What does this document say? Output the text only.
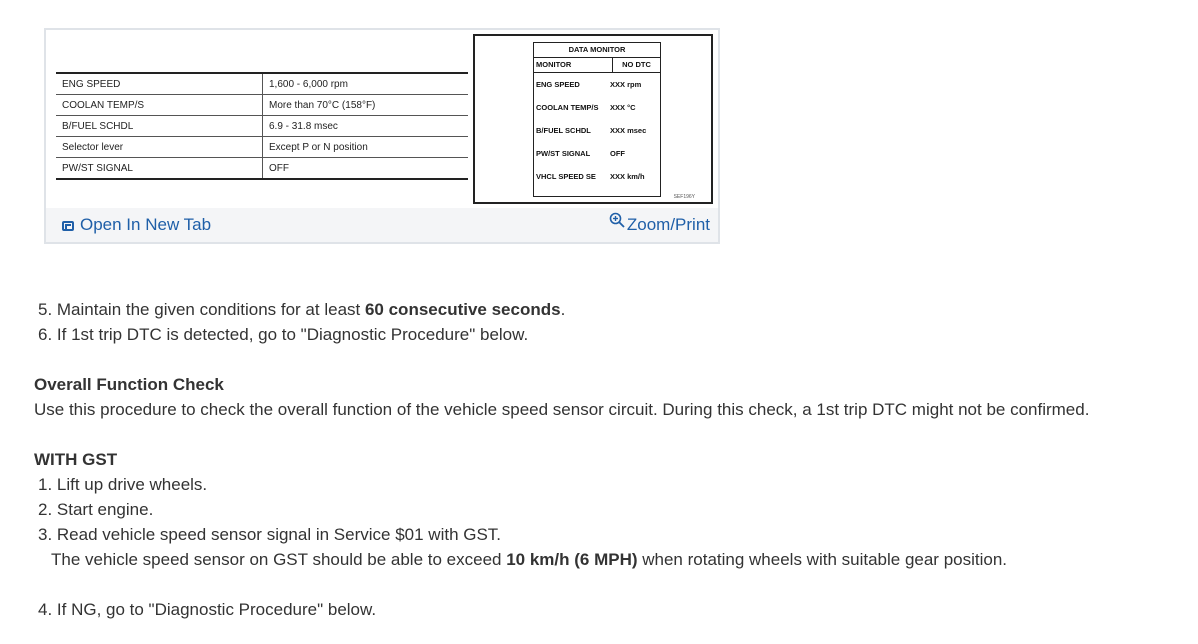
ENG SPEED	1,600 - 6,000 rpm
COOLAN TEMP/S	More than 70°C (158°F)
B/FUEL SCHDL	6.9 - 31.8 msec
Selector lever	Except P or N position
PW/ST SIGNAL	OFF
DATA MONITOR
MONITOR	NO DTC
ENG SPEED	XXX rpm
COOLAN TEMP/S XXX °C
B/FUEL SCHDL	XXX msec
PW/ST SIGNAL	OFF
VHCL SPEED SE XXX km/h
SEF196Y
Open In New Tab	Zoom/Print
5. Maintain the given conditions for at least 60 consecutive seconds.
6. If 1st trip DTC is detected, go to "Diagnostic Procedure" below.
Overall Function Check
Use this procedure to check the overall function of the vehicle speed sensor circuit. During this check, a 1st trip DTC might not be confirmed.
WITH GST
1. Lift up drive wheels.
2. Start engine.
3. Read vehicle speed sensor signal in Service $01 with GST.
The vehicle speed sensor on GST should be able to exceed 10 km/h (6 MPH) when rotating wheels with suitable gear position.
4. If NG, go to "Diagnostic Procedure" below.
